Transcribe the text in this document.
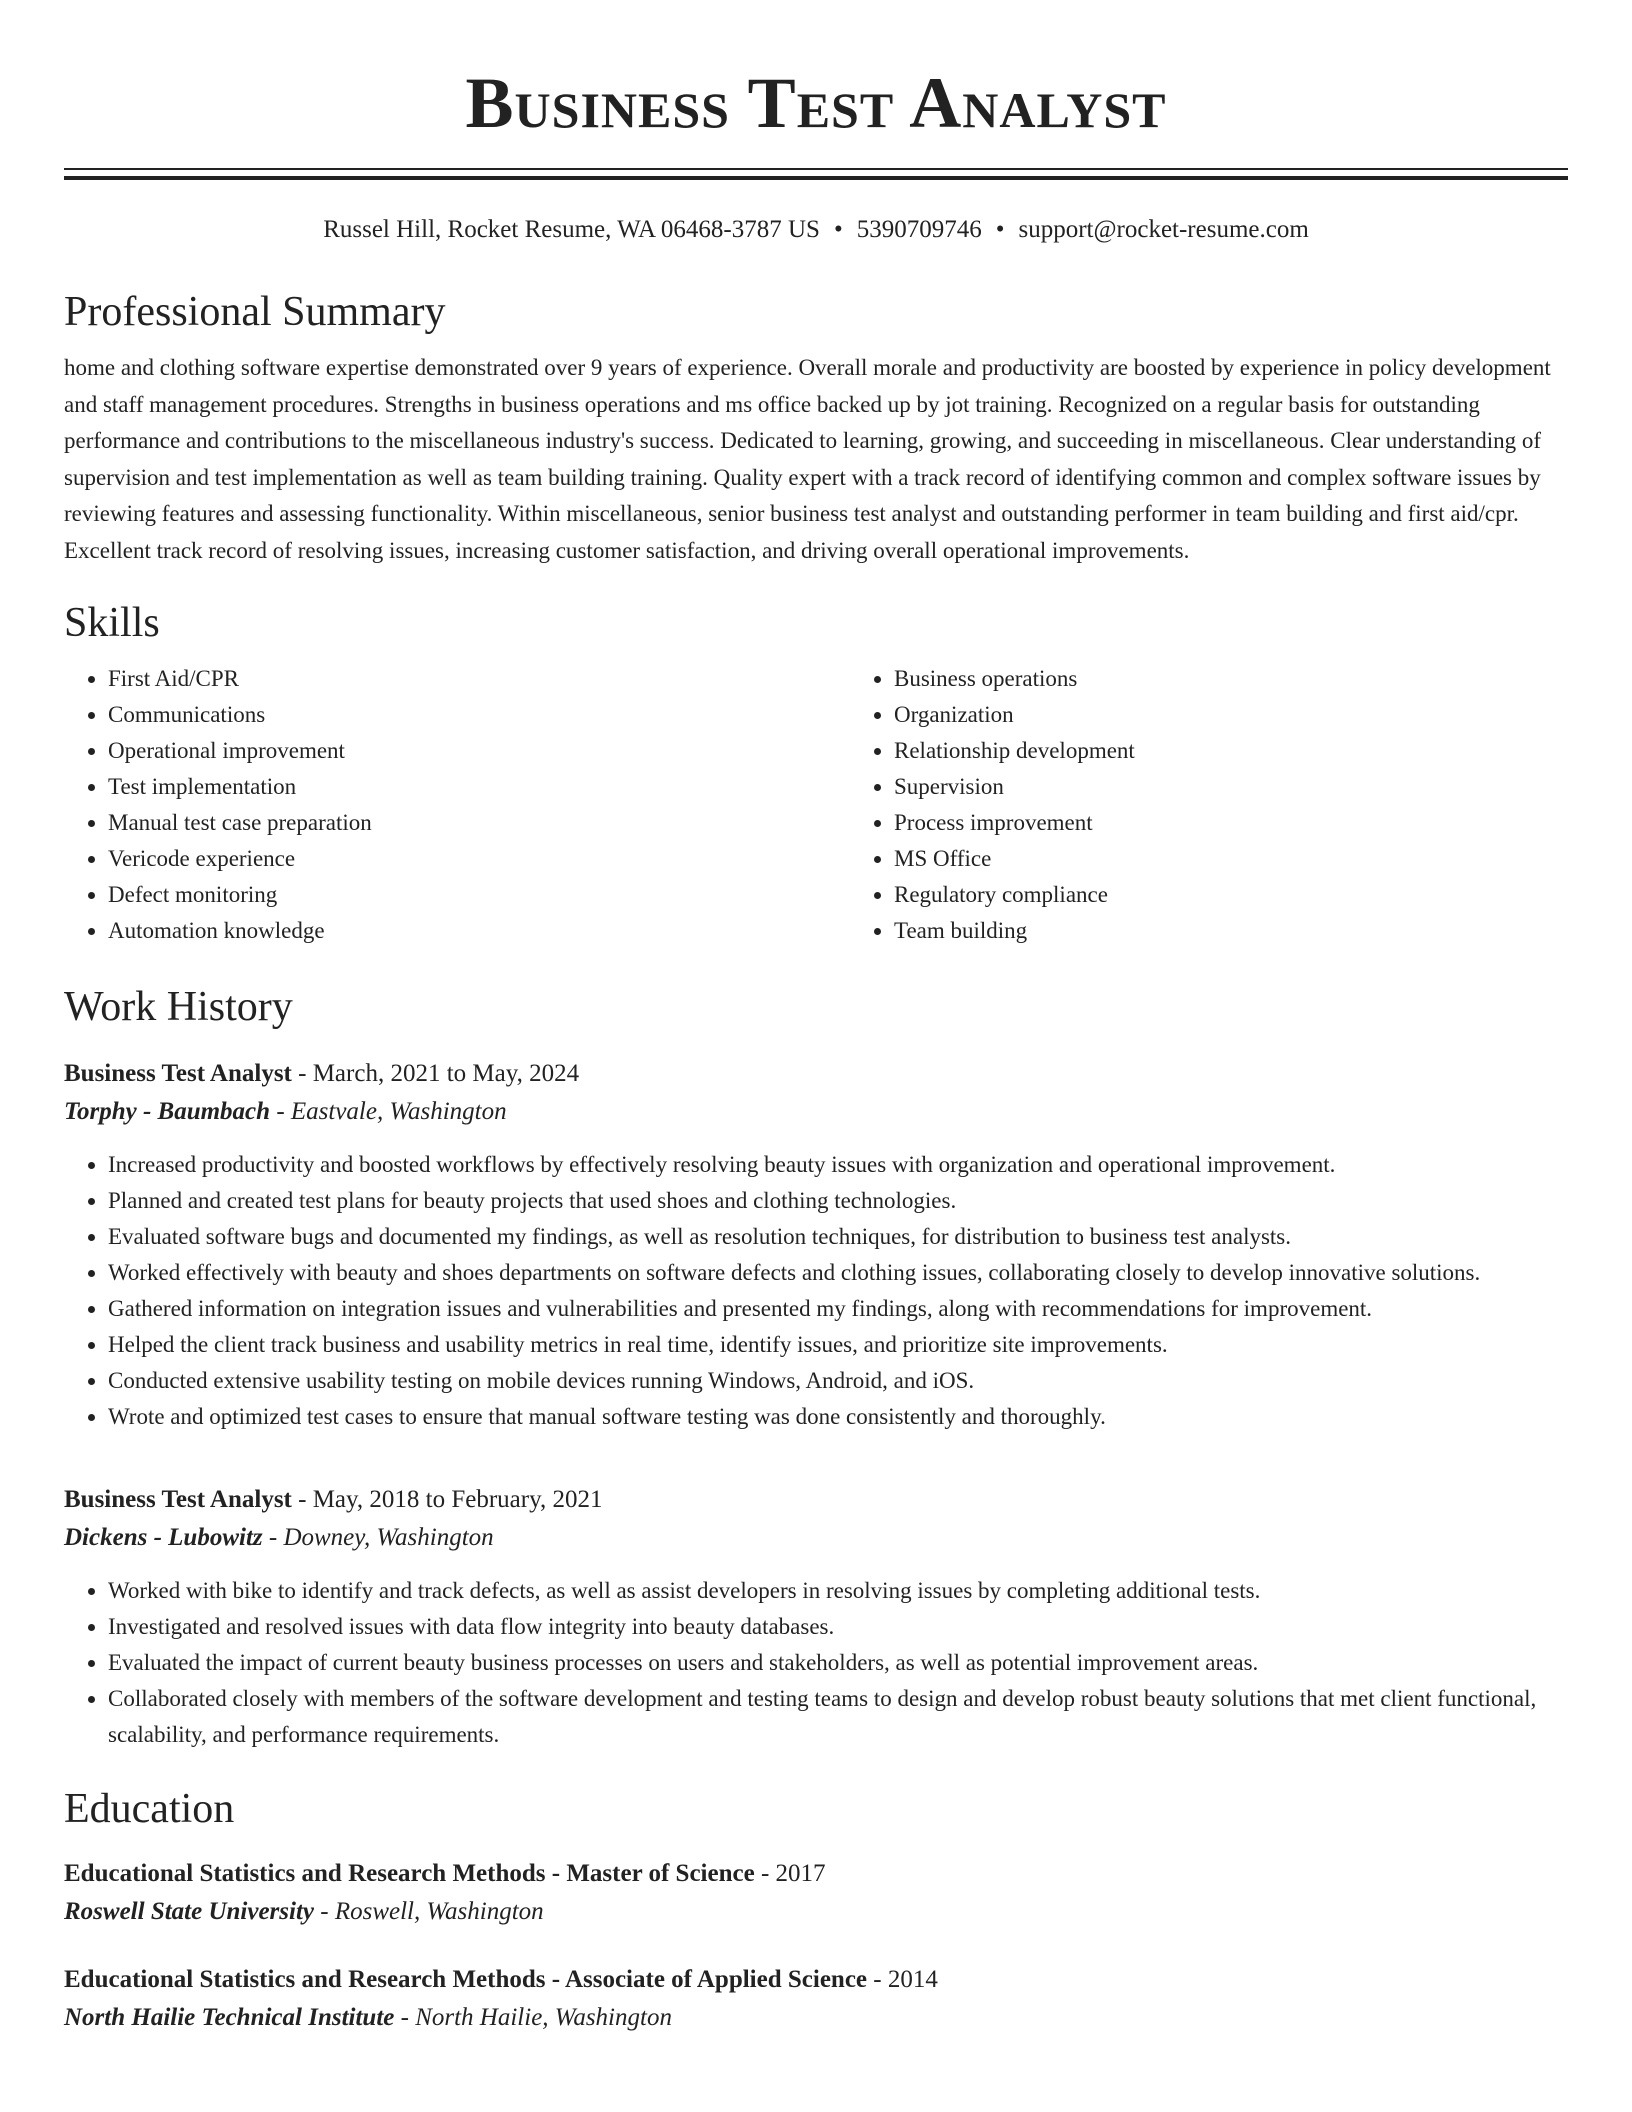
Business Test Analyst
Russel Hill, Rocket Resume, WA 06468-3787 US • 5390709746 • support@rocket-resume.com
Professional Summary
home and clothing software expertise demonstrated over 9 years of experience. Overall morale and productivity are boosted by experience in policy development and staff management procedures. Strengths in business operations and ms office backed up by jot training. Recognized on a regular basis for outstanding performance and contributions to the miscellaneous industry's success. Dedicated to learning, growing, and succeeding in miscellaneous. Clear understanding of supervision and test implementation as well as team building training. Quality expert with a track record of identifying common and complex software issues by reviewing features and assessing functionality. Within miscellaneous, senior business test analyst and outstanding performer in team building and first aid/cpr. Excellent track record of resolving issues, increasing customer satisfaction, and driving overall operational improvements.
Skills
• First Aid/CPR
• Communications
• Operational improvement
• Test implementation
• Manual test case preparation
• Vericode experience
• Defect monitoring
• Automation knowledge
• Business operations
• Organization
• Relationship development
• Supervision
• Process improvement
• MS Office
• Regulatory compliance
• Team building
Work History
Business Test Analyst - March, 2021 to May, 2024
Torphy - Baumbach - Eastvale, Washington
• Increased productivity and boosted workflows by effectively resolving beauty issues with organization and operational improvement.
• Planned and created test plans for beauty projects that used shoes and clothing technologies.
• Evaluated software bugs and documented my findings, as well as resolution techniques, for distribution to business test analysts.
• Worked effectively with beauty and shoes departments on software defects and clothing issues, collaborating closely to develop innovative solutions.
• Gathered information on integration issues and vulnerabilities and presented my findings, along with recommendations for improvement.
• Helped the client track business and usability metrics in real time, identify issues, and prioritize site improvements.
• Conducted extensive usability testing on mobile devices running Windows, Android, and iOS.
• Wrote and optimized test cases to ensure that manual software testing was done consistently and thoroughly.
Business Test Analyst - May, 2018 to February, 2021
Dickens - Lubowitz - Downey, Washington
• Worked with bike to identify and track defects, as well as assist developers in resolving issues by completing additional tests.
• Investigated and resolved issues with data flow integrity into beauty databases.
• Evaluated the impact of current beauty business processes on users and stakeholders, as well as potential improvement areas.
• Collaborated closely with members of the software development and testing teams to design and develop robust beauty solutions that met client functional, scalability, and performance requirements.
Education
Educational Statistics and Research Methods - Master of Science - 2017
Roswell State University - Roswell, Washington
Educational Statistics and Research Methods - Associate of Applied Science - 2014
North Hailie Technical Institute - North Hailie, Washington
